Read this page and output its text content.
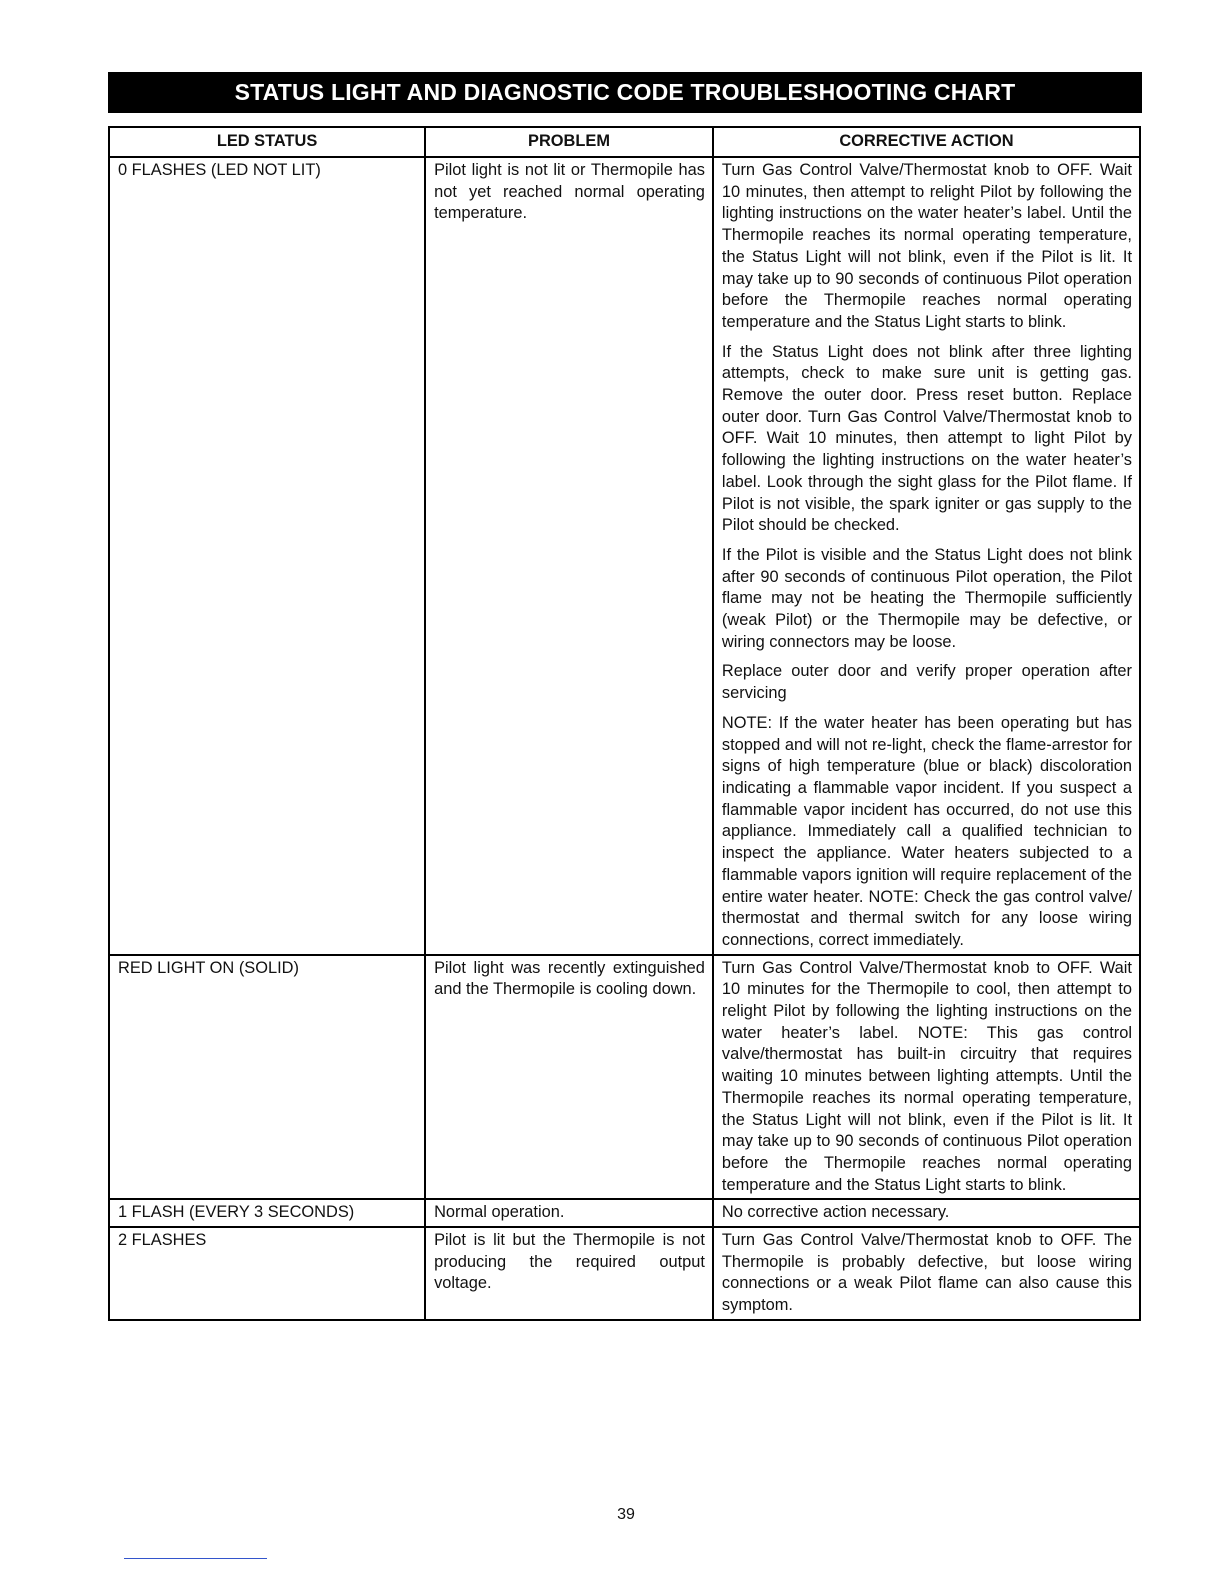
STATUS LIGHT AND DIAGNOSTIC CODE TROUBLESHOOTING CHART
LED STATUS	PROBLEM	CORRECTIVE ACTION
0 FLASHES (LED NOT LIT)	Pilot light is not lit or Thermopile has not yet reached normal operating temperature.	Turn Gas Control Valve/Thermostat knob to OFF. Wait 10 minutes, then attempt to relight Pilot by following the lighting instructions on the water heater’s label. Until the Thermopile reaches its normal operating temperature, the Status Light will not blink, even if the Pilot is lit. It may take up to 90 seconds of continuous Pilot operation before the Thermopile reaches normal operating temperature and the Status Light starts to blink.

If the Status Light does not blink after three lighting attempts, check to make sure unit is getting gas. Remove the outer door. Press reset button. Replace outer door. Turn Gas Control Valve/Thermostat knob to OFF. Wait 10 minutes, then attempt to light Pilot by following the lighting instructions on the water heater’s label. Look through the sight glass for the Pilot flame. If Pilot is not visible, the spark igniter or gas supply to the Pilot should be checked.

If the Pilot is visible and the Status Light does not blink after 90 seconds of continuous Pilot operation, the Pilot flame may not be heating the Thermopile sufficiently (weak Pilot) or the Thermopile may be defective, or wiring connectors may be loose.

Replace outer door and verify proper operation after servicing

NOTE: If the water heater has been operating but has stopped and will not re-light, check the flame-arrestor for signs of high temperature (blue or black) discoloration indicating a flammable vapor incident. If you suspect a flammable vapor incident has occurred, do not use this appliance. Immediately call a qualified technician to inspect the appliance. Water heaters subjected to a flammable vapors ignition will require replacement of the entire water heater. NOTE: Check the gas control valve/ thermostat and thermal switch for any loose wiring connections, correct immediately.

RED LIGHT ON (SOLID)	Pilot light was recently extinguished and the Thermopile is cooling down.	Turn Gas Control Valve/Thermostat knob to OFF. Wait 10 minutes for the Thermopile to cool, then attempt to relight Pilot by following the lighting instructions on the water heater’s label. NOTE: This gas control valve/thermostat has built-in circuitry that requires waiting 10 minutes between lighting attempts. Until the Thermopile reaches its normal operating temperature, the Status Light will not blink, even if the Pilot is lit. It may take up to 90 seconds of continuous Pilot operation before the Thermopile reaches normal operating temperature and the Status Light starts to blink.

1 FLASH (EVERY 3 SECONDS)	Normal operation.	No corrective action necessary.

2 FLASHES	Pilot is lit but the Thermopile is not producing the required output voltage.	Turn Gas Control Valve/Thermostat knob to OFF. The Thermopile is probably defective, but loose wiring connections or a weak Pilot flame can also cause this symptom.

39
